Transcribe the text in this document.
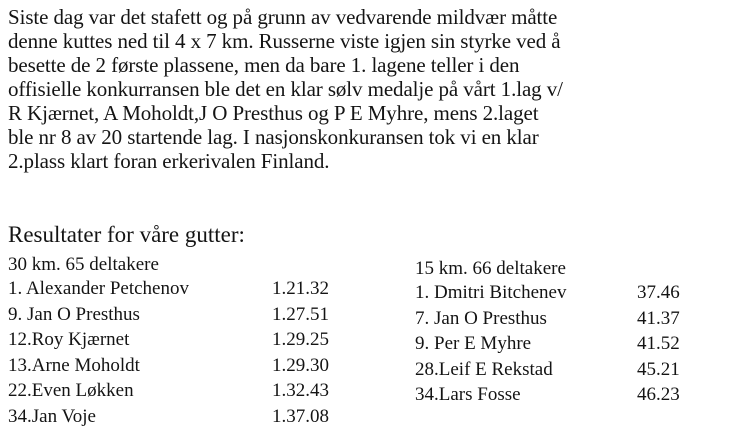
Siste dag var det stafett og på grunn av vedvarende mildvær måtte
denne kuttes ned til 4 x 7 km. Russerne viste igjen sin styrke ved å
besette de 2 første plassene, men da bare 1. lagene teller i den
offisielle konkurransen ble det en klar sølv medalje på vårt 1.lag v/
R Kjærnet, A Moholdt,J O Presthus og P E Myhre, mens 2.laget
ble nr 8 av 20 startende lag. I nasjonskonkuransen tok vi en klar
2.plass klart foran erkerivalen Finland.
Resultater for våre gutter:
30 km. 65 deltakere
1. Alexander Petchenov	1.21.32
9. Jan O Presthus	1.27.51
12.Roy Kjærnet	1.29.25
13.Arne Moholdt	1.29.30
22.Even Løkken	1.32.43
34.Jan Voje	1.37.08
15 km. 66 deltakere
1. Dmitri Bitchenev	37.46
7. Jan O Presthus	41.37
9. Per E Myhre	41.52
28.Leif E Rekstad	45.21
34.Lars Fosse	46.23
